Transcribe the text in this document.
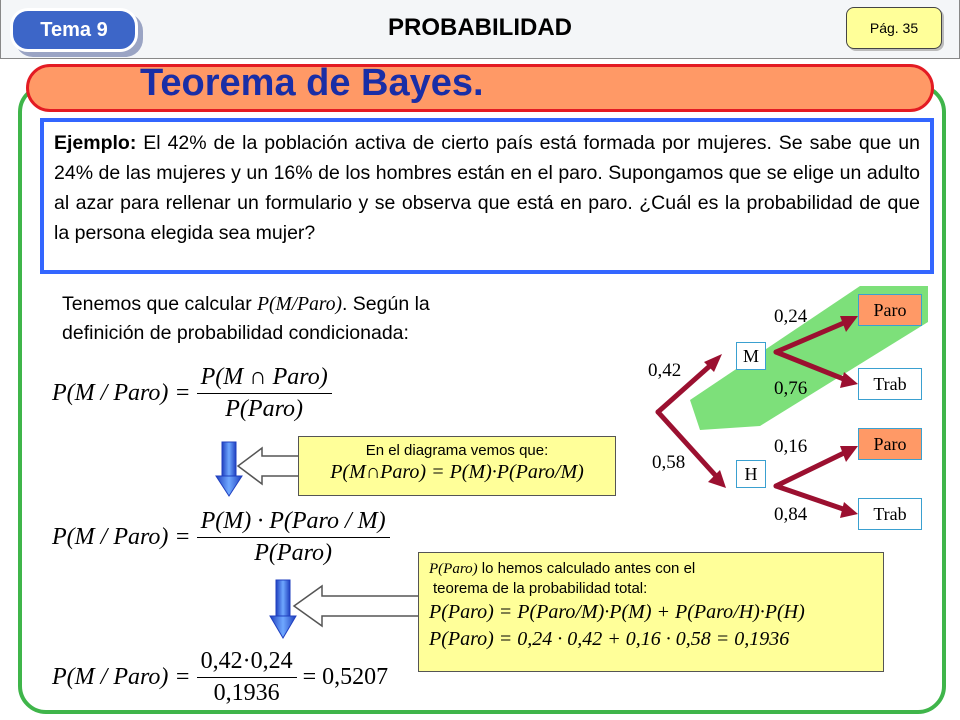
Tema 9	PROBABILIDAD	Pág. 35
Teorema de Bayes.
Ejemplo: El 42% de la población activa de cierto país está formada por mujeres. Se sabe que un 24% de las mujeres y un 16% de los hombres están en el paro. Supongamos que se elige un adulto al azar para rellenar un formulario y se observa que está en paro. ¿Cuál es la probabilidad de que la persona elegida sea mujer?
Tenemos que calcular P(M/Paro). Según la definición de probabilidad condicionada:
P(M / Paro) = $\frac{\text{P(M ∩ Paro)}}{\text{P(Paro)}}$
P(M / Paro) = $\frac{\text{P(M) · P(Paro / M)}}{\text{P(Paro)}}$
P(M / Paro) = $\frac{0,42\cdot 0,24}{0,1936} = 0,5207$
En el diagrama vemos que:
P(M∩Paro) = P(M)·P(Paro/M)
P(Paro) lo hemos calculado antes con el
teorema de la probabilidad total:
P(Paro) = P(Paro/M)·P(M) + P(Paro/H)·P(H)
P(Paro) = 0,24 · 0,42 + 0,16 · 0,58 = 0,1936
0,42
0,58
0,24
0,76
0,16
0,84
M
H
Paro
Trab
Paro
Trab
